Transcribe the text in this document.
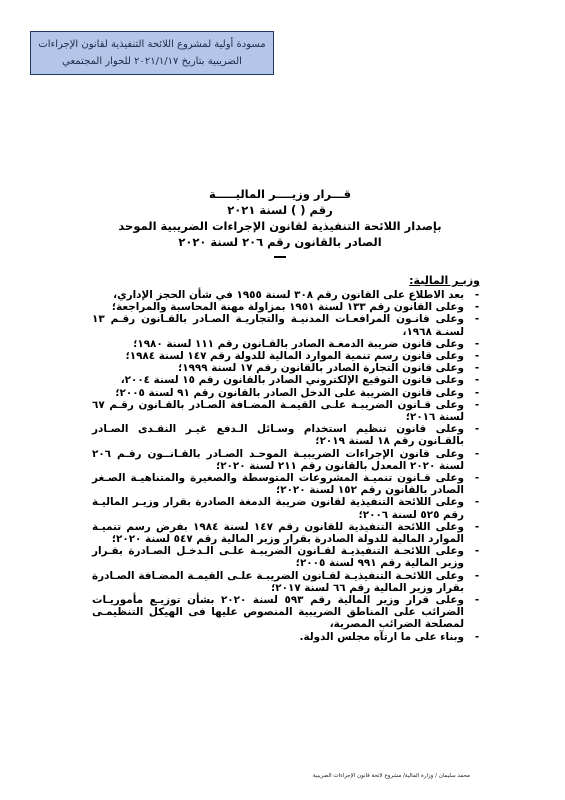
مسودة أولية لمشروع اللائحة التنفيذية لقانون الإجراءات
الضريبية بتاريخ ٢٠٢١/١/١٧ للحوار المجتمعي
قـــرار وزيــــر الماليـــــة
رقم ( ) لسنة ٢٠٢١
بإصدار اللائحة التنفيذية لقانون الإجراءات الضريبية الموحد
الصادر بالقانون رقم ٢٠٦ لسنة ٢٠٢٠
وزيـر المالية:
-
بعد الاطلاع على القانون رقم ٣٠٨ لسنة ١٩٥٥ في شأن الحجز الإداري،
-
وعلى القانون رقم ١٣٣ لسنة ١٩٥١ بمزاولة مهنة المحاسبة والمراجعة؛
-
وعلى قانـون المرافعـات المدنيـة والتجاريـة الصـادر بالقـانون رقـم ١٣ لسنـة ١٩٦٨،
-
وعلى قانون ضريبة الدمغـة الصادر بالقـانون رقم ١١١ لسنة ١٩٨٠؛
-
وعلى قانون رسم تنمية الموارد المالية للدولة رقم ١٤٧ لسنة ١٩٨٤؛
-
وعلى قانون التجارة الصادر بالقانون رقم ١٧ لسنة ١٩٩٩؛
-
وعلى قانون التوقيع الإلكتروني الصادر بالقانون رقم ١٥ لسنة ٢٠٠٤،
-
وعلى قانون الضريبة على الدخل الصادر بالقانون رقم ٩١ لسنة ٢٠٠٥؛
-
وعلى قـانون الضريبـة علـى القيمـة المضـافة الصـادر بالقـانون رقـم ٦٧ لسنة ٢٠١٦؛
-
وعلى قانون تنظيم استخدام وسـائل الـدفع غيـر النقـدى الصـادر بالقـانون رقم ١٨ لسنة ٢٠١٩؛
-
وعلى قانون الإجراءات الضريبيـة الموحـد الصـادر بالقـانــون رقـم ٢٠٦ لسنة ٢٠٢٠ المعدل بالقانون رقم ٢١١ لسنة ٢٠٢٠؛
-
وعلى قـانون تنميـة المشروعات المتوسطة والصغيرة والمتناهيـة الصـغر الصادر بالقانون رقم ١٥٢ لسنة ٢٠٢٠؛
-
وعلى اللائحة التنفيذية لقانون ضريبة الدمغة الصادرة بقرار وزيـر الماليـة رقم ٥٢٥ لسنة ٢٠٠٦؛
-
وعلى اللائحة التنفيذية للقانون رقم ١٤٧ لسنة ١٩٨٤ بفرض رسم تنميـة الموارد المالية للدولة الصادرة بقرار وزير المالية رقم ٥٤٧ لسنة ٢٠٢٠؛
-
وعلى اللائحـة التنفيذيـة لقـانون الضريبـة علـى الـدخـل الصـادرة بقـرار وزير المالية رقم ٩٩١ لسنة ٢٠٠٥؛
-
وعلى اللائحـة التنفيذيـة لقـانون الضريبـة علـى القيمـة المضـافة الصـادرة بقرار وزير المالية رقم ٦٦ لسنة ٢٠١٧؛
-
وعلى قرار وزير المالية رقم ٥٩٣ لسنة ٢٠٢٠ بشأن توزيـع مأموريـات الضرائب على المناطق الضريبية المنصوص عليها فى الهيكل التنظيمـى لمصلحة الضرائب المصرية،
-
وبناء على ما ارتآه مجلس الدولة.
محمد سليمان / وزارة المالية/ مشروع لائحة قانون الإجراءات الضريبية
